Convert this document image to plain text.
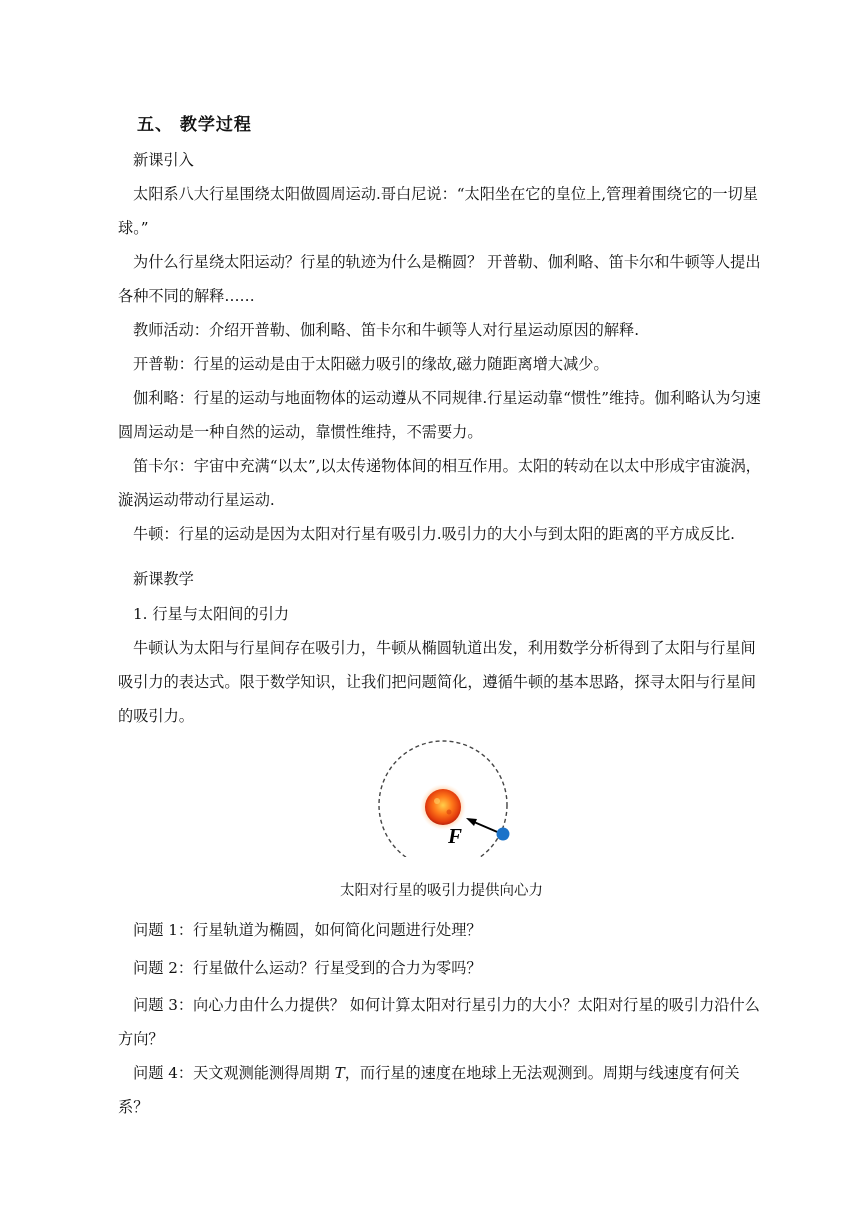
五、 教学过程
新课引入
太阳系八大行星围绕太阳做圆周运动.哥白尼说：“太阳坐在它的皇位上,管理着围绕它的一切星球。”
为什么行星绕太阳运动？行星的轨迹为什么是椭圆？ 开普勒、伽利略、笛卡尔和牛顿等人提出各种不同的解释……
教师活动：介绍开普勒、伽利略、笛卡尔和牛顿等人对行星运动原因的解释.
开普勒：行星的运动是由于太阳磁力吸引的缘故,磁力随距离增大减少。
伽利略：行星的运动与地面物体的运动遵从不同规律.行星运动靠“惯性”维持。伽利略认为匀速圆周运动是一种自然的运动，靠惯性维持，不需要力。
笛卡尔：宇宙中充满“以太”,以太传递物体间的相互作用。太阳的转动在以太中形成宇宙漩涡，漩涡运动带动行星运动.
牛顿：行星的运动是因为太阳对行星有吸引力.吸引力的大小与到太阳的距离的平方成反比.
新课教学
1. 行星与太阳间的引力
牛顿认为太阳与行星间存在吸引力，牛顿从椭圆轨道出发，利用数学分析得到了太阳与行星间吸引力的表达式。限于数学知识，让我们把问题简化，遵循牛顿的基本思路，探寻太阳与行星间的吸引力。
F
太阳对行星的吸引力提供向心力
问题 1：行星轨道为椭圆，如何简化问题进行处理？
问题 2：行星做什么运动？行星受到的合力为零吗？
问题 3：向心力由什么力提供？ 如何计算太阳对行星引力的大小？太阳对行星的吸引力沿什么方向？
问题 4：天文观测能测得周期 T，而行星的速度在地球上无法观测到。周期与线速度有何关系？
